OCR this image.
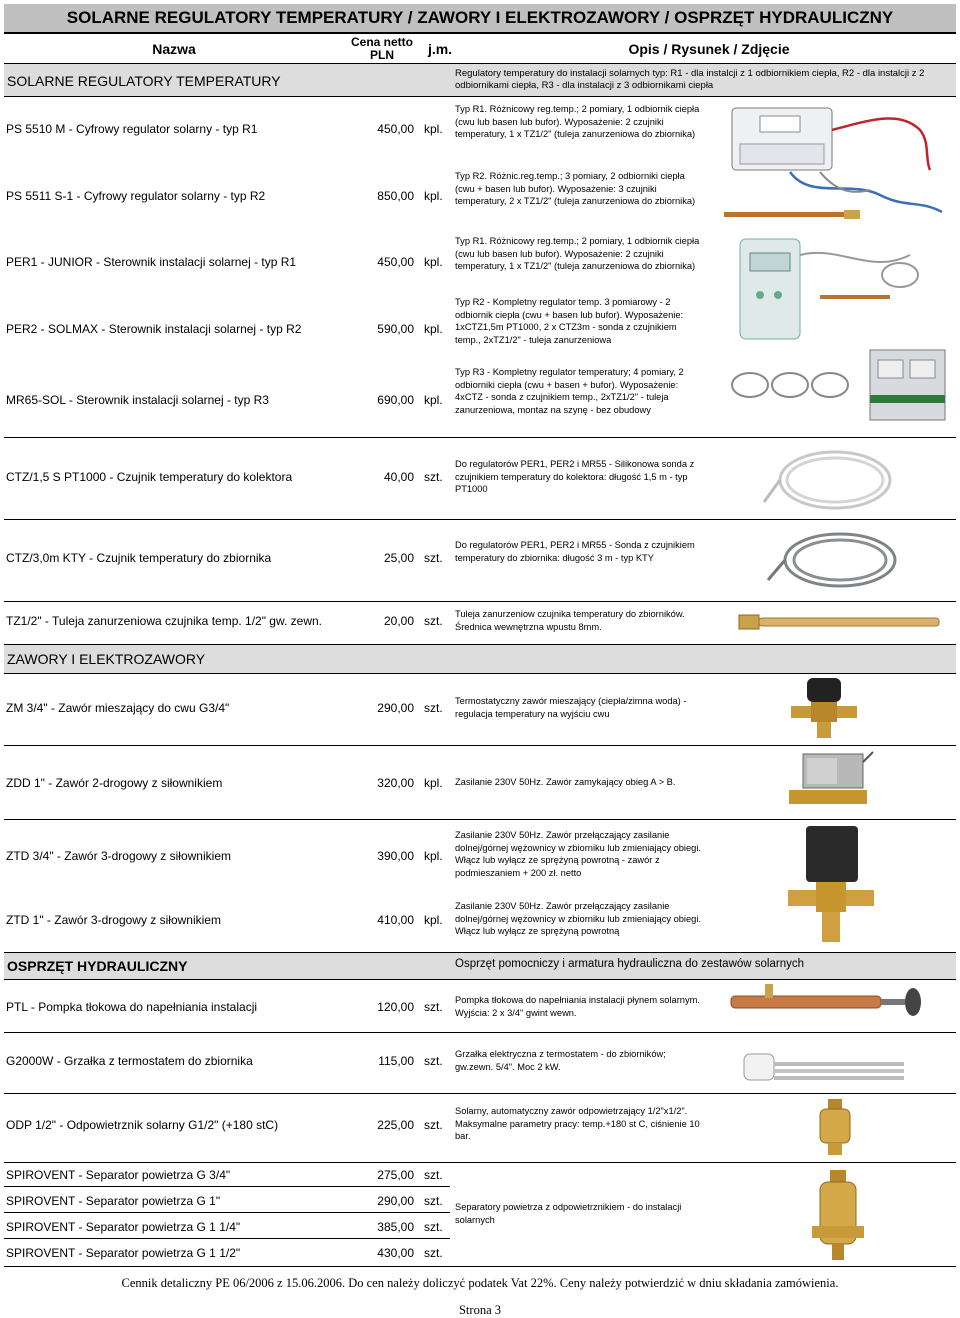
SOLARNE REGULATORY TEMPERATURY / ZAWORY I ELEKTROZAWORY / OSPRZĘT HYDRAULICZNY
Nazwa	Cena netto
PLN	j.m.	Opis / Rysunek / Zdjęcie
SOLARNE REGULATORY TEMPERATURY	Regulatory temperatury do instalacji solarnych typ: R1 - dla instalcji z 1 odbiornikiem ciepła, R2 - dla instalcji z 2 odbiornikami ciepła, R3 - dla instalacji z 3 odbiornikami ciepła
PS 5510 M - Cyfrowy regulator solarny - typ R1	450,00 kpl.
Typ R1. Różnicowy reg.temp.; 2 pomiary, 1 odbiornik ciepła (cwu lub basen lub bufor). Wyposażenie: 2 czujniki temperatury, 1 x TZ1/2" (tuleja zanurzeniowa do zbiornika)
PS 5511 S-1 - Cyfrowy regulator solarny - typ R2	850,00 kpl.
Typ R2. Różnic.reg.temp.; 3 pomiary, 2 odbiorniki ciepła (cwu + basen lub bufor). Wyposażenie: 3 czujniki temperatury, 2 x TZ1/2" (tuleja zanurzeniowa do zbiornika)
PER1 - JUNIOR - Sterownik instalacji solarnej - typ R1	450,00 kpl.
Typ R1. Różnicowy reg.temp.; 2 pomiary, 1 odbiornik ciepła (cwu lub basen lub bufor). Wyposażenie: 2 czujniki temperatury, 1 x TZ1/2" (tuleja zanurzeniowa do zbiornika)
PER2 - SOLMAX - Sterownik instalacji solarnej - typ R2	590,00 kpl.
Typ R2 - Kompletny regulator temp. 3 pomiarowy - 2 odbiornik ciepła (cwu + basen lub bufor). Wyposażenie: 1xCTZ1,5m PT1000, 2 x CTZ3m - sonda z czujnikiem temp., 2xTZ1/2" - tuleja zanurzeniowa
MR65-SOL - Sterownik instalacji solarnej - typ R3	690,00 kpl.
Typ R3 - Kompletny regulator temperatury; 4 pomiary, 2 odbiorniki ciepła (cwu + basen + bufor). Wyposażenie: 4xCTZ - sonda z czujnikiem temp., 2xTZ1/2" - tuleja zanurzeniowa, montaz na szynę - bez obudowy
CTZ/1,5 S PT1000 - Czujnik temperatury do kolektora	40,00 szt.
Do regulatorów PER1, PER2 i MR55 - Silikonowa sonda z czujnikiem temperatury do kolektora: długość 1,5 m - typ PT1000
CTZ/3,0m KTY - Czujnik temperatury do zbiornika	25,00 szt.
Do regulatorów PER1, PER2 i MR55 - Sonda z czujnikiem temperatury do zbiornika: długość 3 m - typ KTY
TZ1/2" - Tuleja zanurzeniowa czujnika temp. 1/2" gw. zewn.	20,00 szt. Tuleja zanurzeniow czujnika temperatury do zbiorników. Średnica wewnętrzna wpustu 8mm.
ZAWORY I ELEKTROZAWORY
ZM 3/4" - Zawór mieszający do cwu G3/4"	290,00 szt. Termostatyczny zawór mieszający (ciepła/zimna woda) - regulacja temperatury na wyjściu cwu
ZDD 1" - Zawór 2-drogowy z siłownikiem	320,00 kpl. Zasilanie 230V 50Hz. Zawór zamykający obieg A > B.
ZTD 3/4" - Zawór 3-drogowy z siłownikiem	390,00 kpl.
Zasilanie 230V 50Hz. Zawór przełączający zasilanie dolnej/górnej wężownicy w zbiorniku lub zmieniający obiegi. Włącz lub wyłącz ze sprężyną powrotną - zawór z podmieszaniem + 200 zł. netto
ZTD 1" - Zawór 3-drogowy z siłownikiem	410,00 kpl.
Zasilanie 230V 50Hz. Zawór przełączający zasilanie dolnej/górnej wężownicy w zbiorniku lub zmieniający obiegi. Włącz lub wyłącz ze sprężyną powrotną
OSPRZĘT HYDRAULICZNY	Osprzęt pomocniczy i armatura hydrauliczna do zestawów solarnych
PTL - Pompka tłokowa do napełniania instalacji	120,00 szt. Pompka tłokowa do napełniania instalacji płynem solarnym. Wyjścia: 2 x 3/4" gwint wewn.
G2000W - Grzałka z termostatem do zbiornika	115,00 szt. Grzałka elektryczna z termostatem - do zbiorników; gw.zewn. 5/4". Moc 2 kW.
ODP 1/2" - Odpowietrznik solarny G1/2" (+180 stC)	225,00 szt.
Solarny, automatyczny zawór odpowietrzający 1/2"x1/2". Maksymalne parametry pracy: temp.+180 st C, ciśnienie 10 bar.
SPIROVENT - Separator powietrza G 3/4"	275,00 szt.
SPIROVENT - Separator powietrza G 1"	290,00 szt.
SPIROVENT - Separator powietrza G 1 1/4"	385,00 szt.
SPIROVENT - Separator powietrza G 1 1/2"	430,00 szt.
Separatory powietrza z odpowietrznikiem - do instalacji solarnych
Cennik detaliczny PE 06/2006 z 15.06.2006. Do cen należy doliczyć podatek Vat 22%. Ceny należy potwierdzić w dniu składania zamówienia.
Strona 3
